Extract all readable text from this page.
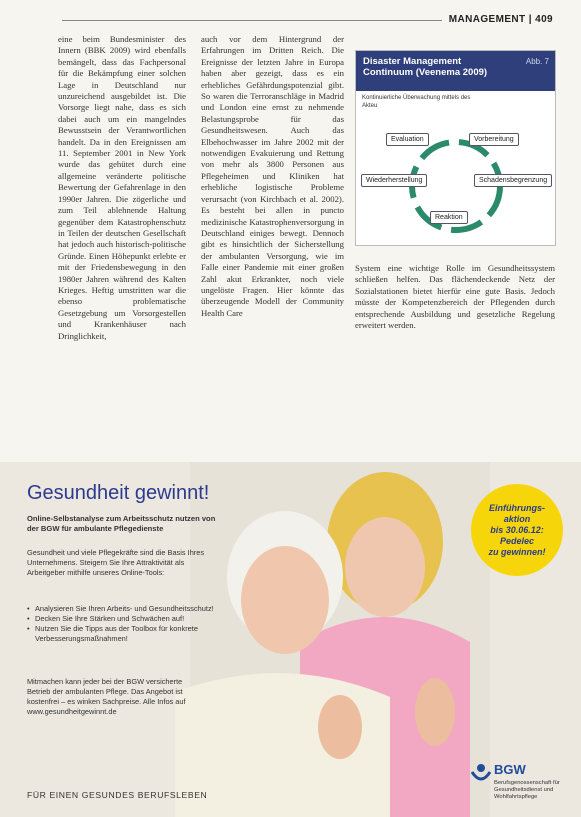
MANAGEMENT | 409

eine beim Bundesminister des Innern (BBK 2009) wird ebenfalls bemängelt, dass das Fachpersonal für die Bekämpfung einer solchen Lage in Deutschland nur unzureichend ausgebildet ist. Die Vorsorge liegt nahe, dass es sich dabei auch um ein mangelndes Bewusstsein der Verantwortlichen handelt. Da in den Ereignissen am 11. September 2001 in New York wurde das gehütet durch eine allgemeine veränderte politische Bewertung der Gefahrenlage in den 1990er Jahren. Die zögerliche und zum Teil ablehnende Haltung gegenüber dem Katastrophenschutz in Teilen der deutschen Gesellschaft hat jedoch auch historisch-politische Gründe. Einen Höhepunkt erlebte er mit der Friedensbewegung in den 1980er Jahren während des Kalten Krieges. Heftig umstritten war die ebenso problematische Gesetzgebung um Vorsorgestellen und Krankenhäuser nach Dringlichkeit,

auch vor dem Hintergrund der Erfahrungen im Dritten Reich. Die Ereignisse der letzten Jahre in Europa haben aber gezeigt, dass es ein erhebliches Gefährdungspotenzial gibt. So waren die Terroranschläge in Madrid und London eine ernst zu nehmende Belastungsprobe für das Gesundheitswesen. Auch das Elbehochwasser im Jahre 2002 mit der notwendigen Evakuierung und Rettung von mehr als 3800 Personen aus Pflegeheimen und Kliniken hat erhebliche logistische Probleme verursacht (von Kirchbach et al. 2002). Es besteht bei allen in puncto medizinische Katastrophenversorgung in Deutschland einiges bewegt. Dennoch gibt es hinsichtlich der Sicherstellung der ambulanten Versorgung, wie im Falle einer Pandemie mit einer großen Zahl akut Erkrankter, noch viele ungelöste Fragen. Hier könnte das überzeugende Modell der Community Health Care

Disaster Management Continuum (Veenema 2009)
Abb. 7
Kontinuierliche Überwachung mittels des Akteu
Evaluation	Vorbereitung
Schadensbegrenzung
Reaktion
Wiederherstellung

System eine wichtige Rolle im Gesundheitssystem schließen helfen. Das flächendeckende Netz der Sozialstationen bietet hierfür eine gute Basis. Jedoch müsste der Kompetenzbereich der Pflegenden durch entsprechende Ausbildung und gesetzliche Regelung erweitert werden.

Gesundheit gewinnt!
Online-Selbstanalyse zum Arbeitsschutz nutzen von der BGW für ambulante Pflegedienste
Gesundheit und viele Pflegekräfte sind die Basis Ihres Unternehmens. Steigern Sie Ihre Attraktivität als Arbeitgeber mithilfe unseres Online-Tools:
• Analysieren Sie Ihren Arbeits- und Gesundheitsschutz!
• Decken Sie Ihre Stärken und Schwächen auf!
• Nutzen Sie die Tipps aus der Toolbox für konkrete Verbesserungsmaßnahmen!
Mitmachen kann jeder bei der BGW versicherte Betrieb der ambulanten Pflege. Das Angebot ist kostenfrei – es winken Sachpreise. Alle Infos auf www.gesundheitgewinnt.de
FÜR EINEN GESUNDES BERUFSLEBEN
Einführungs-
aktion
bis 30.06.12:
Pedelec
zu gewinnen!
BGW
Berufsgenossenschaft für Gesundheitsdienst und Wohlfahrtspflege
